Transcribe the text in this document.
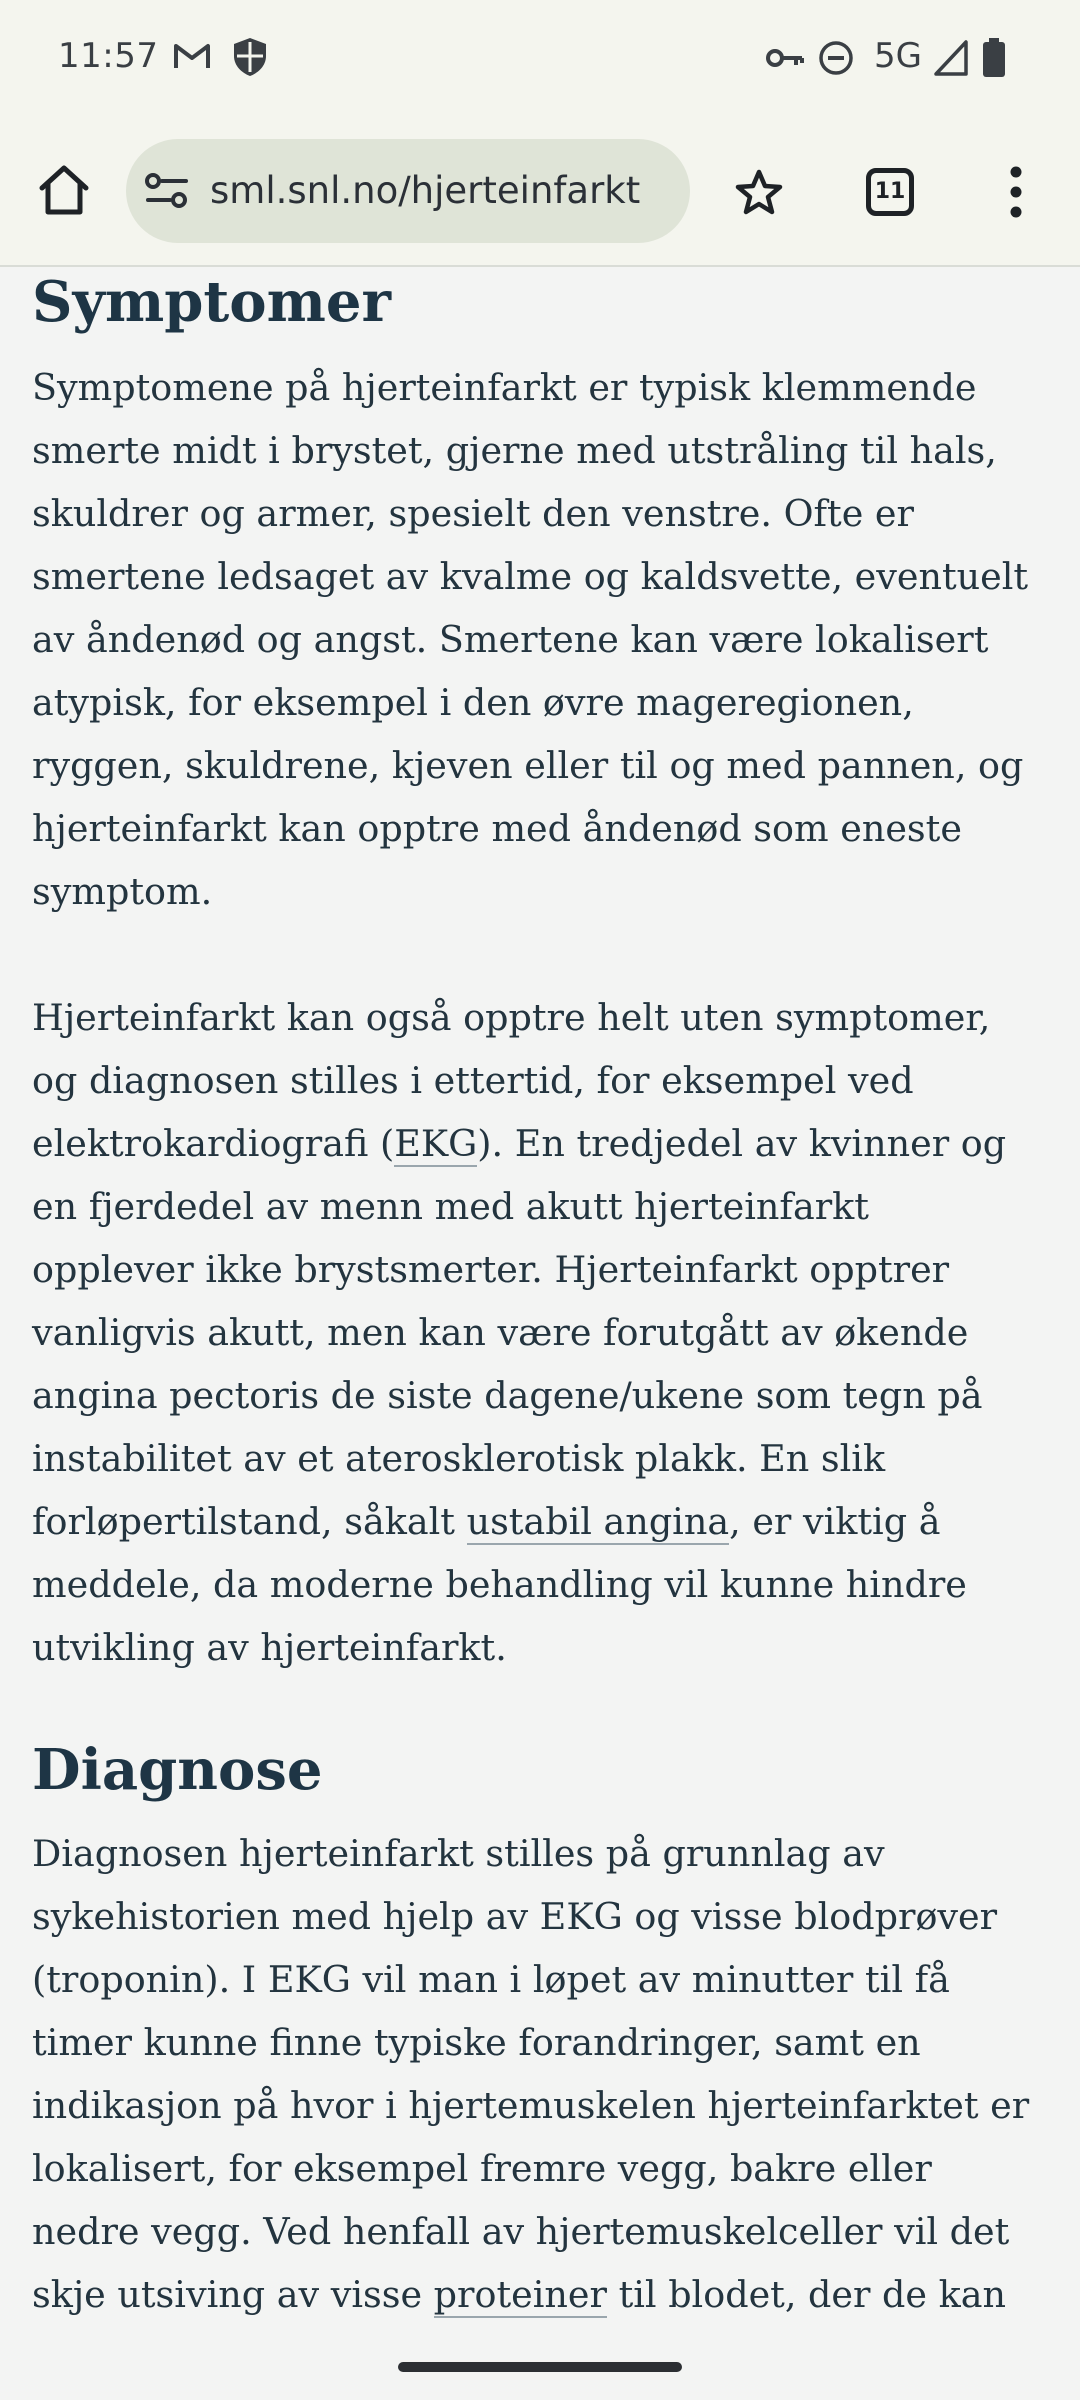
11:57	5G
sml.snl.no/hjerteinfarkt	11
Symptomer
Symptomene på hjerteinfarkt er typisk klemmende
smerte midt i brystet, gjerne med utstråling til hals,
skuldrer og armer, spesielt den venstre. Ofte er
smertene ledsaget av kvalme og kaldsvette, eventuelt
av åndenød og angst. Smertene kan være lokalisert
atypisk, for eksempel i den øvre mageregionen,
ryggen, skuldrene, kjeven eller til og med pannen, og
hjerteinfarkt kan opptre med åndenød som eneste
symptom.
Hjerteinfarkt kan også opptre helt uten symptomer,
og diagnosen stilles i ettertid, for eksempel ved
elektrokardiografi (EKG). En tredjedel av kvinner og
en fjerdedel av menn med akutt hjerteinfarkt
opplever ikke brystsmerter. Hjerteinfarkt opptrer
vanligvis akutt, men kan være forutgått av økende
angina pectoris de siste dagene/ukene som tegn på
instabilitet av et aterosklerotisk plakk. En slik
forløpertilstand, såkalt ustabil angina, er viktig å
meddele, da moderne behandling vil kunne hindre
utvikling av hjerteinfarkt.
Diagnose
Diagnosen hjerteinfarkt stilles på grunnlag av
sykehistorien med hjelp av EKG og visse blodprøver
(troponin). I EKG vil man i løpet av minutter til få
timer kunne finne typiske forandringer, samt en
indikasjon på hvor i hjertemuskelen hjerteinfarktet er
lokalisert, for eksempel fremre vegg, bakre eller
nedre vegg. Ved henfall av hjertemuskelceller vil det
skje utsiving av visse proteiner til blodet, der de kan
